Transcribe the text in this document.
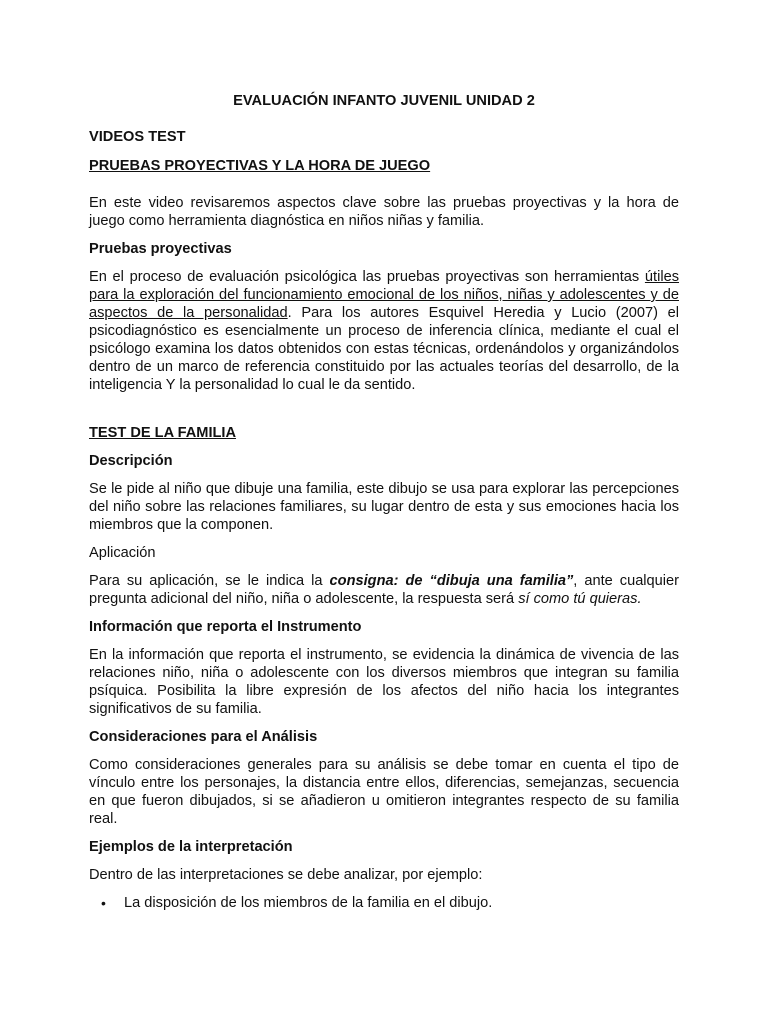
EVALUACIÓN INFANTO JUVENIL UNIDAD 2
VIDEOS TEST
PRUEBAS PROYECTIVAS Y LA HORA DE JUEGO

En este video revisaremos aspectos clave sobre las pruebas proyectivas y la hora de juego como herramienta diagnóstica en niños niñas y familia.

Pruebas proyectivas

En el proceso de evaluación psicológica las pruebas proyectivas son herramientas útiles para la exploración del funcionamiento emocional de los niños, niñas y adolescentes y de aspectos de la personalidad. Para los autores Esquivel Heredia y Lucio (2007) el psicodiagnóstico es esencialmente un proceso de inferencia clínica, mediante el cual el psicólogo examina los datos obtenidos con estas técnicas, ordenándolos y organizándolos dentro de un marco de referencia constituido por las actuales teorías del desarrollo, de la inteligencia Y la personalidad lo cual le da sentido.

TEST DE LA FAMILIA
Descripción

Se le pide al niño que dibuje una familia, este dibujo se usa para explorar las percepciones del niño sobre las relaciones familiares, su lugar dentro de esta y sus emociones hacia los miembros que la componen.

Aplicación

Para su aplicación, se le indica la consigna: de “dibuja una familia”, ante cualquier pregunta adicional del niño, niña o adolescente, la respuesta será sí como tú quieras.

Información que reporta el Instrumento

En la información que reporta el instrumento, se evidencia la dinámica de vivencia de las relaciones niño, niña o adolescente con los diversos miembros que integran su familia psíquica. Posibilita la libre expresión de los afectos del niño hacia los integrantes significativos de su familia.

Consideraciones para el Análisis

Como consideraciones generales para su análisis se debe tomar en cuenta el tipo de vínculo entre los personajes, la distancia entre ellos, diferencias, semejanzas, secuencia en que fueron dibujados, si se añadieron u omitieron integrantes respecto de su familia real.

Ejemplos de la interpretación

Dentro de las interpretaciones se debe analizar, por ejemplo:

• La disposición de los miembros de la familia en el dibujo.
